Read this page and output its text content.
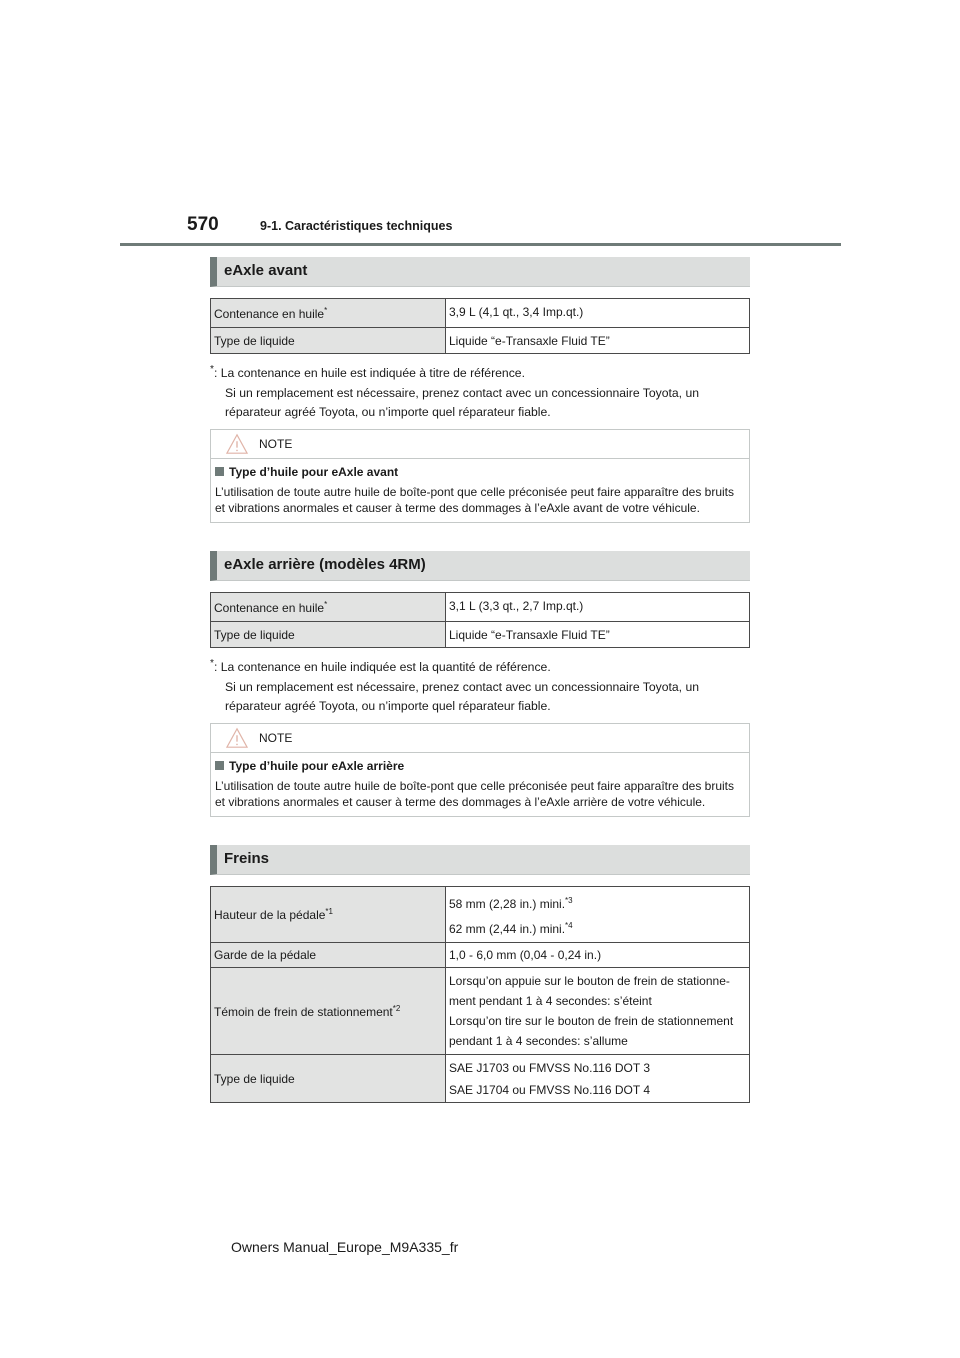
570	9-1. Caractéristiques techniques
eAxle avant
Contenance en huile*	3,9 L (4,1 qt., 3,4 Imp.qt.)
Type de liquide	Liquide “e-Transaxle Fluid TE”
*: La contenance en huile est indiquée à titre de référence.
Si un remplacement est nécessaire, prenez contact avec un concessionnaire Toyota, un
réparateur agréé Toyota, ou n’importe quel réparateur fiable.
NOTE
Type d’huile pour eAxle avant
L’utilisation de toute autre huile de boîte-pont que celle préconisée peut faire apparaître des bruits et vibrations anormales et causer à terme des dommages à l’eAxle avant de votre véhicule.
eAxle arrière (modèles 4RM)
Contenance en huile*	3,1 L (3,3 qt., 2,7 Imp.qt.)
Type de liquide	Liquide “e-Transaxle Fluid TE”
*: La contenance en huile indiquée est la quantité de référence.
Si un remplacement est nécessaire, prenez contact avec un concessionnaire Toyota, un
réparateur agréé Toyota, ou n’importe quel réparateur fiable.
NOTE
Type d’huile pour eAxle arrière
L’utilisation de toute autre huile de boîte-pont que celle préconisée peut faire apparaître des bruits et vibrations anormales et causer à terme des dommages à l’eAxle arrière de votre véhicule.
Freins
Hauteur de la pédale$^{*1}$	58 mm (2,28 in.) mini.$^{*3}$
62 mm (2,44 in.) mini.$^{*4}$

Garde de la pédale	1,0 - 6,0 mm (0,04 - 0,24 in.)
Témoin de frein de stationnement$^{*2}$	Lorsqu’on appuie sur le bouton de frein de stationne-
ment pendant 1 à 4 secondes: s’éteint
Lorsqu’on tire sur le bouton de frein de stationnement
pendant 1 à 4 secondes: s’allume

Type de liquide	SAE J1703 ou FMVSS No.116 DOT 3
SAE J1704 ou FMVSS No.116 DOT 4
Owners Manual_Europe_M9A335_fr
